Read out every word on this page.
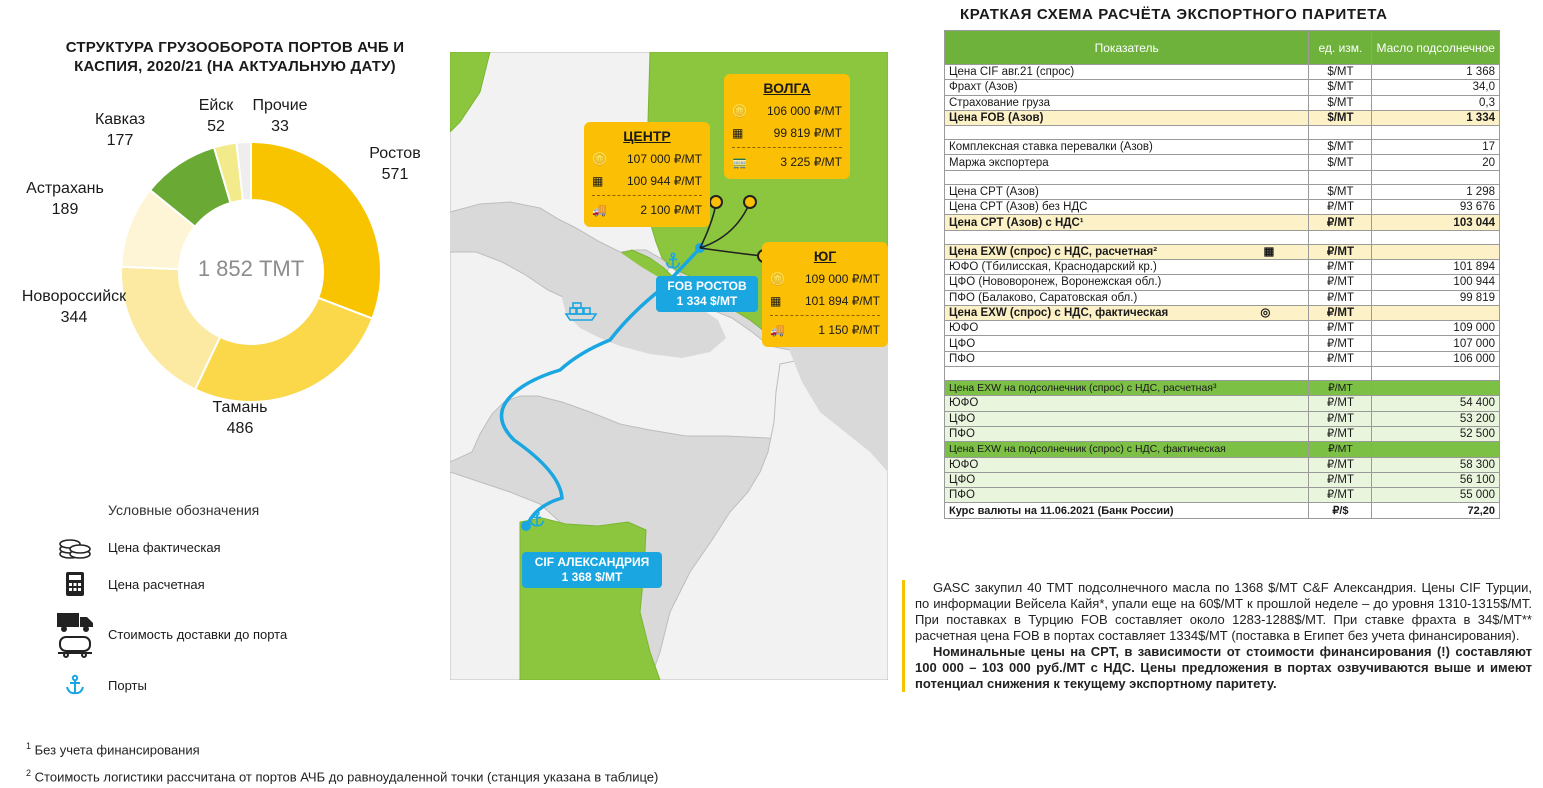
СТРУКТУРА ГРУЗООБОРОТА ПОРТОВ АЧБ И
КАСПИЯ, 2020/21 (НА АКТУАЛЬНУЮ ДАТУ)
1 852 ТМТ
Ростов
571
Тамань
486
Новороссийск
344
Астрахань
189
Кавказ
177
Ейск
52
Прочие
33
Условные обозначения
Цена фактическая
Цена расчетная
Стоимость доставки до порта
Порты
$^1$ Без учета финансирования
$^2$ Стоимость логистики рассчитана от портов АЧБ до равноудаленной точки (станция указана в таблице)
ЦЕНТР
🪙 107 000 ₽/МТ
▦ 100 944 ₽/МТ
🚚	2 100 ₽/МТ
ВОЛГА
🪙 106 000 ₽/МТ
▦	99 819 ₽/МТ
🚃	3 225 ₽/МТ
ЮГ
🪙 109 000 ₽/МТ
▦ 101 894 ₽/МТ
🚚	1 150 ₽/МТ
FOB РОСТОВ
1 334 $/MT
CIF АЛЕКСАНДРИЯ
1 368 $/MT
КРАТКАЯ СХЕМА РАСЧЁТА ЭКСПОРТНОГО ПАРИТЕТА
Показатель	ед. изм.	Масло подсолнечное
Цена CIF авг.21 (спрос)	$/MT	1 368
Фрахт (Азов)	$/MT	34,0
Страхование груза	$/MT	0,3
Цена FOB (Азов)	$/MT	1 334

Комплексная ставка перевалки (Азов)	$/MT	17
Маржа экспортера	$/MT	20

Цена CPT (Азов)	$/MT	1 298
Цена CPT (Азов) без НДС	₽/MT	93 676
Цена CPT (Азов) с НДС¹	₽/MT	103 044

Цена EXW (спрос) с НДС, расчетная² ▦	₽/MT	
ЮФО (Тбилисская, Краснодарский кр.)	₽/MT	101 894
ЦФО (Нововоронеж, Воронежская обл.)	₽/MT	100 944
ПФО (Балаково, Саратовская обл.)	₽/MT	99 819
Цена EXW (спрос) с НДС, фактическая ◎	₽/MT	
ЮФО	₽/MT	109 000
ЦФО	₽/MT	107 000
ПФО	₽/MT	106 000

Цена EXW на подсолнечник (спрос) с НДС, расчетная³	₽/MT	
ЮФО	₽/MT	54 400
ЦФО	₽/MT	53 200
ПФО	₽/MT	52 500
Цена EXW на подсолнечник (спрос) с НДС, фактическая	₽/MT	
ЮФО	₽/MT	58 300
ЦФО	₽/MT	56 100
ПФО	₽/MT	55 000
Курс валюты на 11.06.2021 (Банк России)	₽/$	72,20

GASC закупил 40 ТМТ подсолнечного масла по 1368 $/МТ C&F Александрия. Цены CIF Турции, по информации Вейсела Кайя*, упали еще на 60$/МТ к прошлой неделе – до уровня 1310-1315$/МТ. При поставках в Турцию FOB составляет около 1283-1288$/МТ. При ставке фрахта в 34$/МТ** расчетная цена FOB в портах составляет 1334$/МТ (поставка в Египет без учета финансирования).

Номинальные цены на CPT, в зависимости от стоимости финансирования (!) составляют 100 000 – 103 000 руб./МТ с НДС. Цены предложения в портах озвучиваются выше и имеют потенциал снижения к текущему экспортному паритету.
